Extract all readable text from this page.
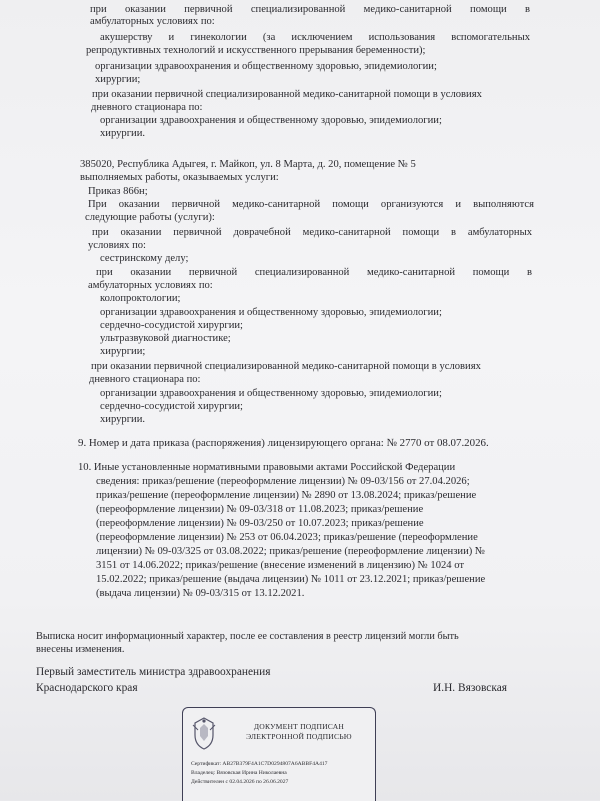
при оказании первичной специализированной медико-санитарной помощи в
амбулаторных условиях по:
акушерству и гинекологии (за исключением использования вспомогательных
репродуктивных технологий и искусственного прерывания беременности);
организации здравоохранения и общественному здоровью, эпидемиологии;
хирургии;
при оказании первичной специализированной медико-санитарной помощи в условиях
дневного стационара по:
организации здравоохранения и общественному здоровью, эпидемиологии;
хирургии.
385020, Республика Адыгея, г. Майкоп, ул. 8 Марта, д. 20, помещение № 5
выполняемых работы, оказываемых услуги:
Приказ 866н;
При оказании первичной медико-санитарной помощи организуются и выполняются
следующие работы (услуги):
при оказании первичной доврачебной медико-санитарной помощи в амбулаторных
условиях по:
сестринскому делу;
при оказании первичной специализированной медико-санитарной помощи в
амбулаторных условиях по:
колопроктологии;
организации здравоохранения и общественному здоровью, эпидемиологии;
сердечно-сосудистой хирургии;
ультразвуковой диагностике;
хирургии;
при оказании первичной специализированной медико-санитарной помощи в условиях
дневного стационара по:
организации здравоохранения и общественному здоровью, эпидемиологии;
сердечно-сосудистой хирургии;
хирургии.
9. Номер и дата приказа (распоряжения) лицензирующего органа: № 2770 от 08.07.2026.
10. Иные установленные нормативными правовыми актами Российской Федерации
сведения: приказ/решение (переоформление лицензии) № 09-03/156 от 27.04.2026;
приказ/решение (переоформление лицензии) № 2890 от 13.08.2024; приказ/решение
(переоформление лицензии) № 09-03/318 от 11.08.2023; приказ/решение
(переоформление лицензии) № 09-03/250 от 10.07.2023; приказ/решение
(переоформление лицензии) № 253 от 06.04.2023; приказ/решение (переоформление
лицензии) № 09-03/325 от 03.08.2022; приказ/решение (переоформление лицензии) №
3151 от 14.06.2022; приказ/решение (внесение изменений в лицензию) № 1024 от
15.02.2022; приказ/решение (выдача лицензии) № 1011 от 23.12.2021; приказ/решение
(выдача лицензии) № 09-03/315 от 13.12.2021.
Выписка носит информационный характер, после ее составления в реестр лицензий могли быть
внесены изменения.
Первый заместитель министра здравоохранения
Краснодарского края	И.Н. Вязовская
ДОКУМЕНТ ПОДПИСАН
ЭЛЕКТРОННОЙ ПОДПИСЬЮ
Сертификат: AB27B379F4A1C7D0294807A6ABBF4A417
Владелец: Вязовская Ирина Николаевна
Действителен с 02.04.2026 по 26.06.2027
